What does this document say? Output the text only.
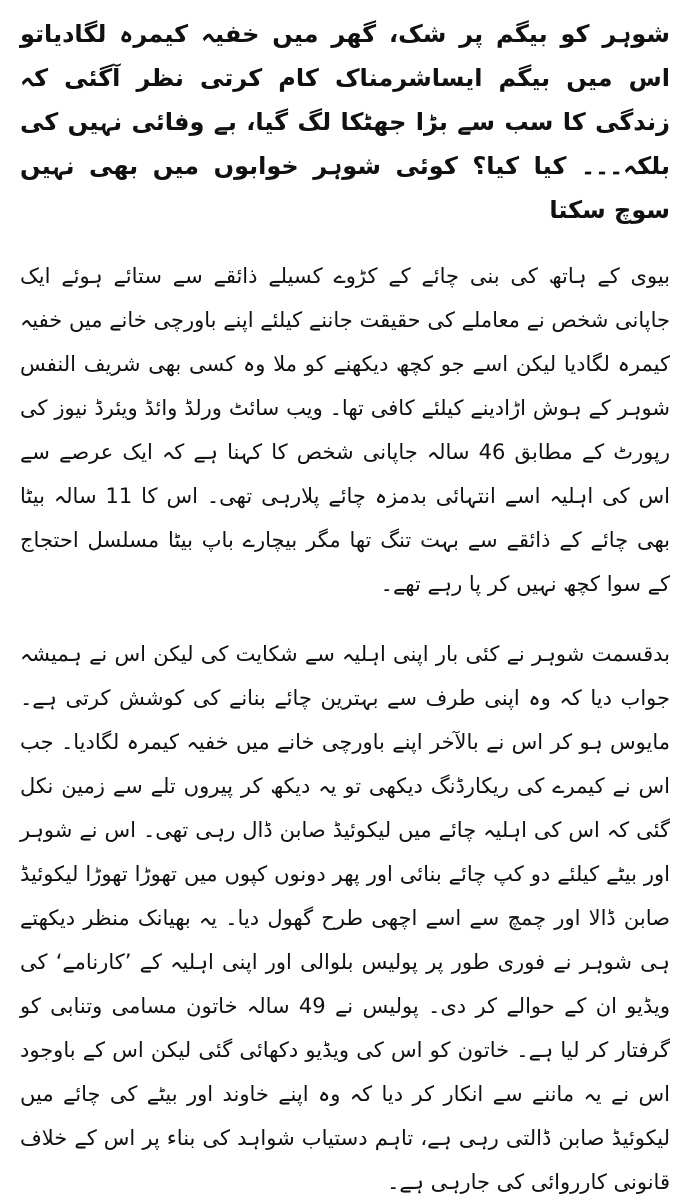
شوہر کو بیگم پر شک، گھر میں خفیہ کیمرہ لگادیاتو اس میں بیگم ایساشرمناک کام کرتی نظر آگئی کہ زندگی کا سب سے بڑا جھٹکا لگ گیا، بے وفائی نہیں کی بلکہ۔۔۔ کیا کیا؟ کوئی شوہر خوابوں میں بھی نہیں سوچ سکتا

بیوی کے ہاتھ کی بنی چائے کے کڑوے کسیلے ذائقے سے ستائے ہوئے ایک جاپانی شخص نے معاملے کی حقیقت جاننے کیلئے اپنے باورچی خانے میں خفیہ کیمرہ لگادیا لیکن اسے جو کچھ دیکھنے کو ملا وہ کسی بھی شریف النفس شوہر کے ہوش اڑادینے کیلئے کافی تھا۔ ویب سائٹ ورلڈ وائڈ ویئرڈ نیوز کی رپورٹ کے مطابق 46 سالہ جاپانی شخص کا کہنا ہے کہ ایک عرصے سے اس کی اہلیہ اسے انتہائی بدمزہ چائے پلارہی تھی۔ اس کا 11 سالہ بیٹا بھی چائے کے ذائقے سے بہت تنگ تھا مگر بیچارے باپ بیٹا مسلسل احتجاج کے سوا کچھ نہیں کر پا رہے تھے۔

بدقسمت شوہر نے کئی بار اپنی اہلیہ سے شکایت کی لیکن اس نے ہمیشہ جواب دیا کہ وہ اپنی طرف سے بہترین چائے بنانے کی کوشش کرتی ہے۔ مایوس ہو کر اس نے بالآخر اپنے باورچی خانے میں خفیہ کیمرہ لگادیا۔ جب اس نے کیمرے کی ریکارڈنگ دیکھی تو یہ دیکھ کر پیروں تلے سے زمین نکل گئی کہ اس کی اہلیہ چائے میں لیکوئیڈ صابن ڈال رہی تھی۔ اس نے شوہر اور بیٹے کیلئے دو کپ چائے بنائی اور پھر دونوں کپوں میں تھوڑا تھوڑا لیکوئیڈ صابن ڈالا اور چمچ سے اسے اچھی طرح گھول دیا۔ یہ بھیانک منظر دیکھتے ہی شوہر نے فوری طور پر پولیس بلوالی اور اپنی اہلیہ کے ’کارنامے‘ کی ویڈیو ان کے حوالے کر دی۔ پولیس نے 49 سالہ خاتون مسامی وتنابی کو گرفتار کر لیا ہے۔ خاتون کو اس کی ویڈیو دکھائی گئی لیکن اس کے باوجود اس نے یہ ماننے سے انکار کر دیا کہ وہ اپنے خاوند اور بیٹے کی چائے میں لیکوئیڈ صابن ڈالتی رہی ہے، تاہم دستیاب شواہد کی بناء پر اس کے خلاف قانونی کارروائی کی جارہی ہے۔
